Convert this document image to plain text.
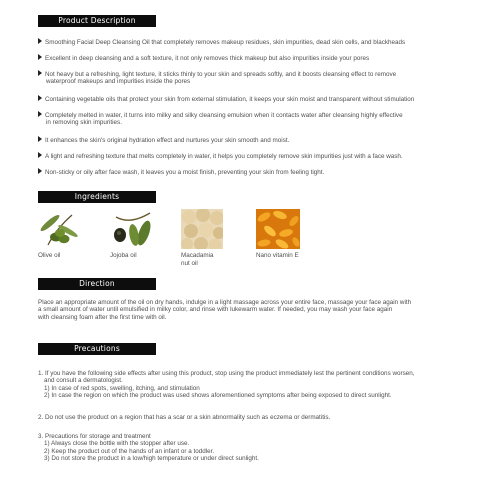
Product Description
Smoothing Facial Deep Cleansing Oil that completely removes makeup residues, skin impurities, dead skin cells, and blackheads
Excellent in deep cleansing and a soft texture, it not only removes thick makeup but also impurities inside your pores
Not heavy but a refreshing, light texture, it sticks thinly to your skin and spreads softly, and it boosts cleansing effect to remove
waterproof makeups and impurities inside the pores
Containing vegetable oils that protect your skin from external stimulation, it keeps your skin moist and transparent without stimulation
Completely melted in water, it turns into milky and silky cleansing emulsion when it contacts water after cleansing highly effective
in removing skin impurities.
It enhances the skin's original hydration effect and nurtures your skin smooth and moist.
A light and refreshing texture that melts completely in water, it helps you completely remove skin impurities just with a face wash.
Non-sticky or oily after face wash, it leaves you a moist finish, preventing your skin from feeling tight.
Ingredients
Olive oil	Jojoba oil	Macadamia
nut oil
Nano vitamin E
Direction
Place an appropriate amount of the oil on dry hands, indulge in a light massage across your entire face, massage your face again with
a small amount of water until emulsified in milky color, and rinse with lukewarm water. If needed, you may wash your face again
with cleansing foam after the first time with oil.
Precautions
1. If you have the following side effects after using this product, stop using the product immediately lest the pertinent conditions worsen,
and consult a dermatologist.
1) In case of red spots, swelling, itching, and stimulation
2) In case the region on which the product was used shows aforementioned symptoms after being exposed to direct sunlight.
2. Do not use the product on a region that has a scar or a skin abnormality such as eczema or dermatitis.
3. Precautions for storage and treatment
1) Always close the bottle with the stopper after use.
2) Keep the product out of the hands of an infant or a toddler.
3) Do not store the product in a low/high temperature or under direct sunlight.
